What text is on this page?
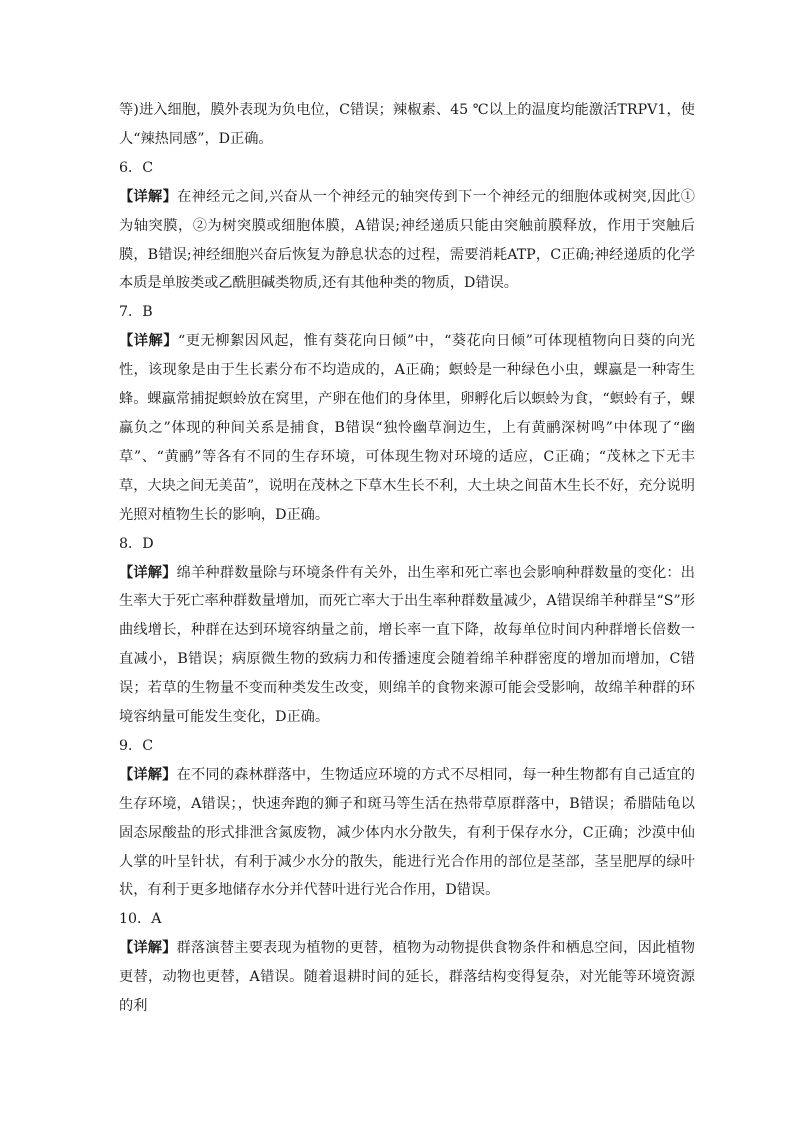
等)进入细胞，膜外表现为负电位，C错误；辣椒素、45 ℃以上的温度均能激活TRPV1，使人“辣热同感”，D正确。

6．C

【详解】在神经元之间,兴奋从一个神经元的轴突传到下一个神经元的细胞体或树突,因此①为轴突膜，②为树突膜或细胞体膜，A错误;神经递质只能由突触前膜释放，作用于突触后膜，B错误;神经细胞兴奋后恢复为静息状态的过程，需要消耗ATP，C正确;神经递质的化学本质是单胺类或乙酰胆碱类物质,还有其他种类的物质，D错误。

7．B

【详解】“更无柳絮因风起，惟有葵花向日倾”中，“葵花向日倾”可体现植物向日葵的向光性，该现象是由于生长素分布不均造成的，A正确；螟蛉是一种绿色小虫，蜾蠃是一种寄生蜂。蜾蠃常捕捉螟蛉放在窝里，产卵在他们的身体里，卵孵化后以螟蛉为食，“螟蛉有子，蜾蠃负之”体现的种间关系是捕食，B错误“独怜幽草涧边生，上有黄鹂深树鸣”中体现了“幽草”、“黄鹂”等各有不同的生存环境，可体现生物对环境的适应，C正确；“茂林之下无丰草，大块之间无美苗”，说明在茂林之下草木生长不利，大土块之间苗木生长不好，充分说明光照对植物生长的影响，D正确。

8．D

【详解】绵羊种群数量除与环境条件有关外，出生率和死亡率也会影响种群数量的变化：出生率大于死亡率种群数量增加，而死亡率大于出生率种群数量减少，A错误绵羊种群呈“S”形曲线增长，种群在达到环境容纳量之前，增长率一直下降，故每单位时间内种群增长倍数一直减小，B错误；病原微生物的致病力和传播速度会随着绵羊种群密度的增加而增加，C错误；若草的生物量不变而种类发生改变，则绵羊的食物来源可能会受影响，故绵羊种群的环境容纳量可能发生变化，D正确。

9．C

【详解】在不同的森林群落中，生物适应环境的方式不尽相同，每一种生物都有自己适宜的生存环境，A错误；，快速奔跑的狮子和斑马等生活在热带草原群落中，B错误；希腊陆龟以固态尿酸盐的形式排泄含氮废物，减少体内水分散失，有利于保存水分，C正确；沙漠中仙人掌的叶呈针状，有利于减少水分的散失，能进行光合作用的部位是茎部，茎呈肥厚的绿叶状，有利于更多地储存水分并代替叶进行光合作用，D错误。

10．A

【详解】群落演替主要表现为植物的更替，植物为动物提供食物条件和栖息空间，因此植物更替，动物也更替，A错误。随着退耕时间的延长，群落结构变得复杂，对光能等环境资源的利
